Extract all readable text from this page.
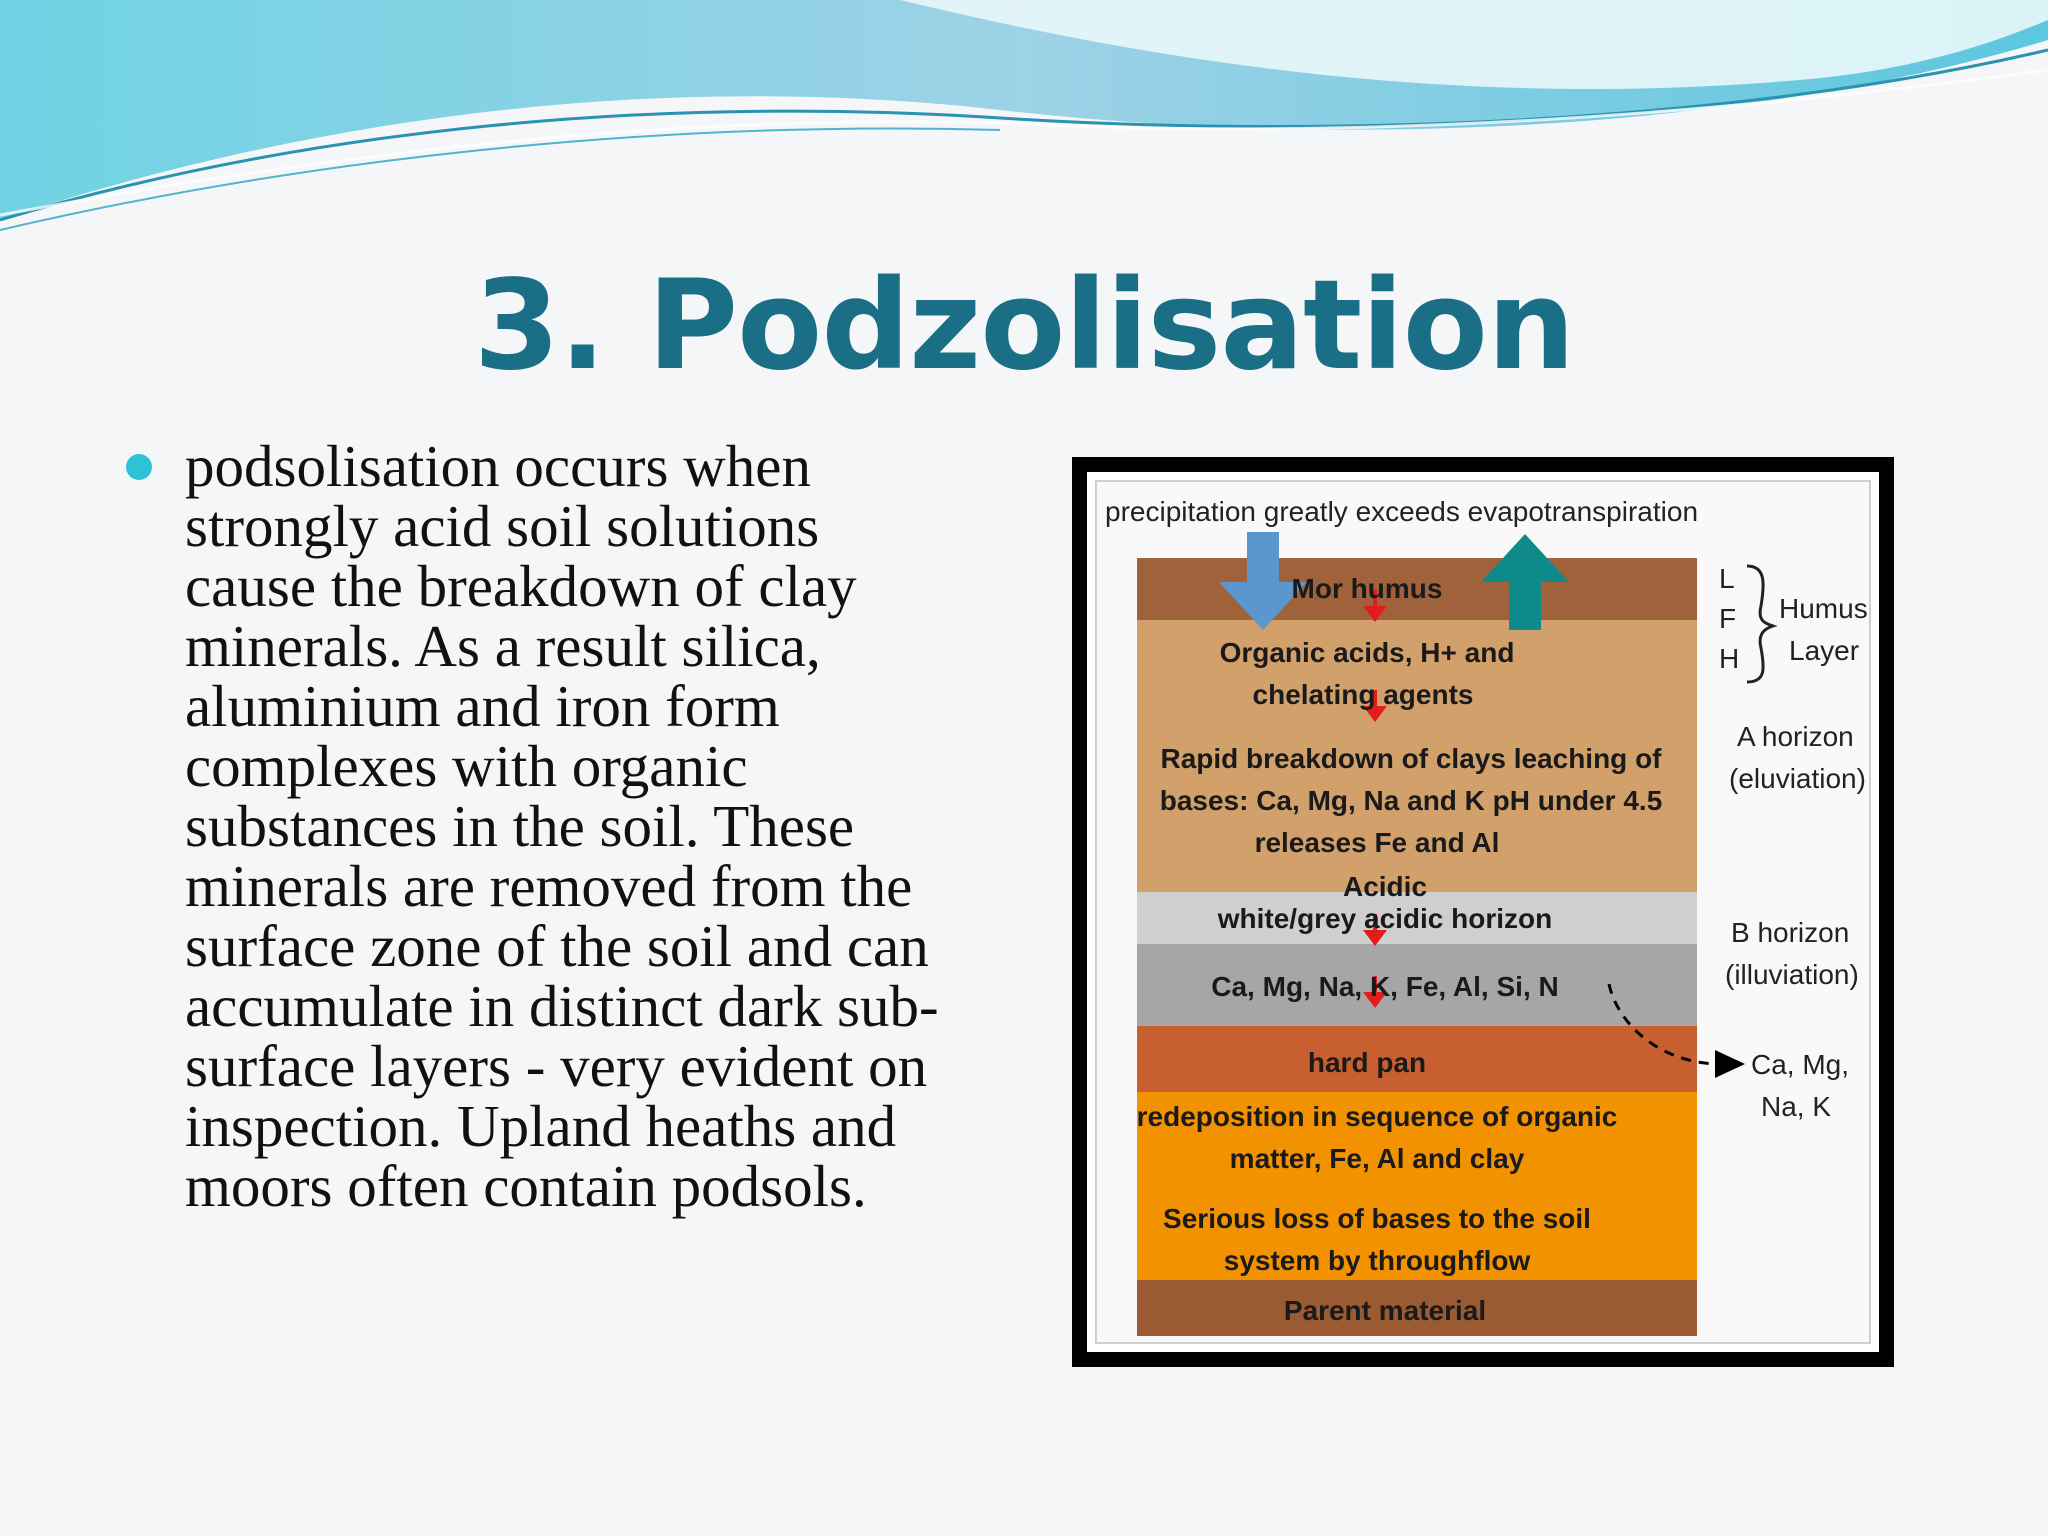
3. Podzolisation
podsolisation occurs when strongly acid soil solutions cause the breakdown of clay minerals. As a result silica, aluminium and iron form complexes with organic substances in the soil. These minerals are removed from the surface zone of the soil and can accumulate in distinct dark sub-surface layers - very evident on inspection. Upland heaths and moors often contain podsols.
precipitation greatly exceeds evapotranspiration
Mor humus
Organic acids, H+ and
chelating agents
Rapid breakdown of clays leaching of
bases: Ca, Mg, Na and K pH under 4.5
releases Fe and Al
Acidic
white/grey acidic horizon
Ca, Mg, Na, K, Fe, Al, Si, N
hard pan
redeposition in sequence of organic
matter, Fe, Al and clay
Serious loss of bases to the soil
system by throughflow
Parent material
L
F
H
Humus
Layer
A horizon
(eluviation)
B horizon
(illuviation)
Ca, Mg,
Na, K
